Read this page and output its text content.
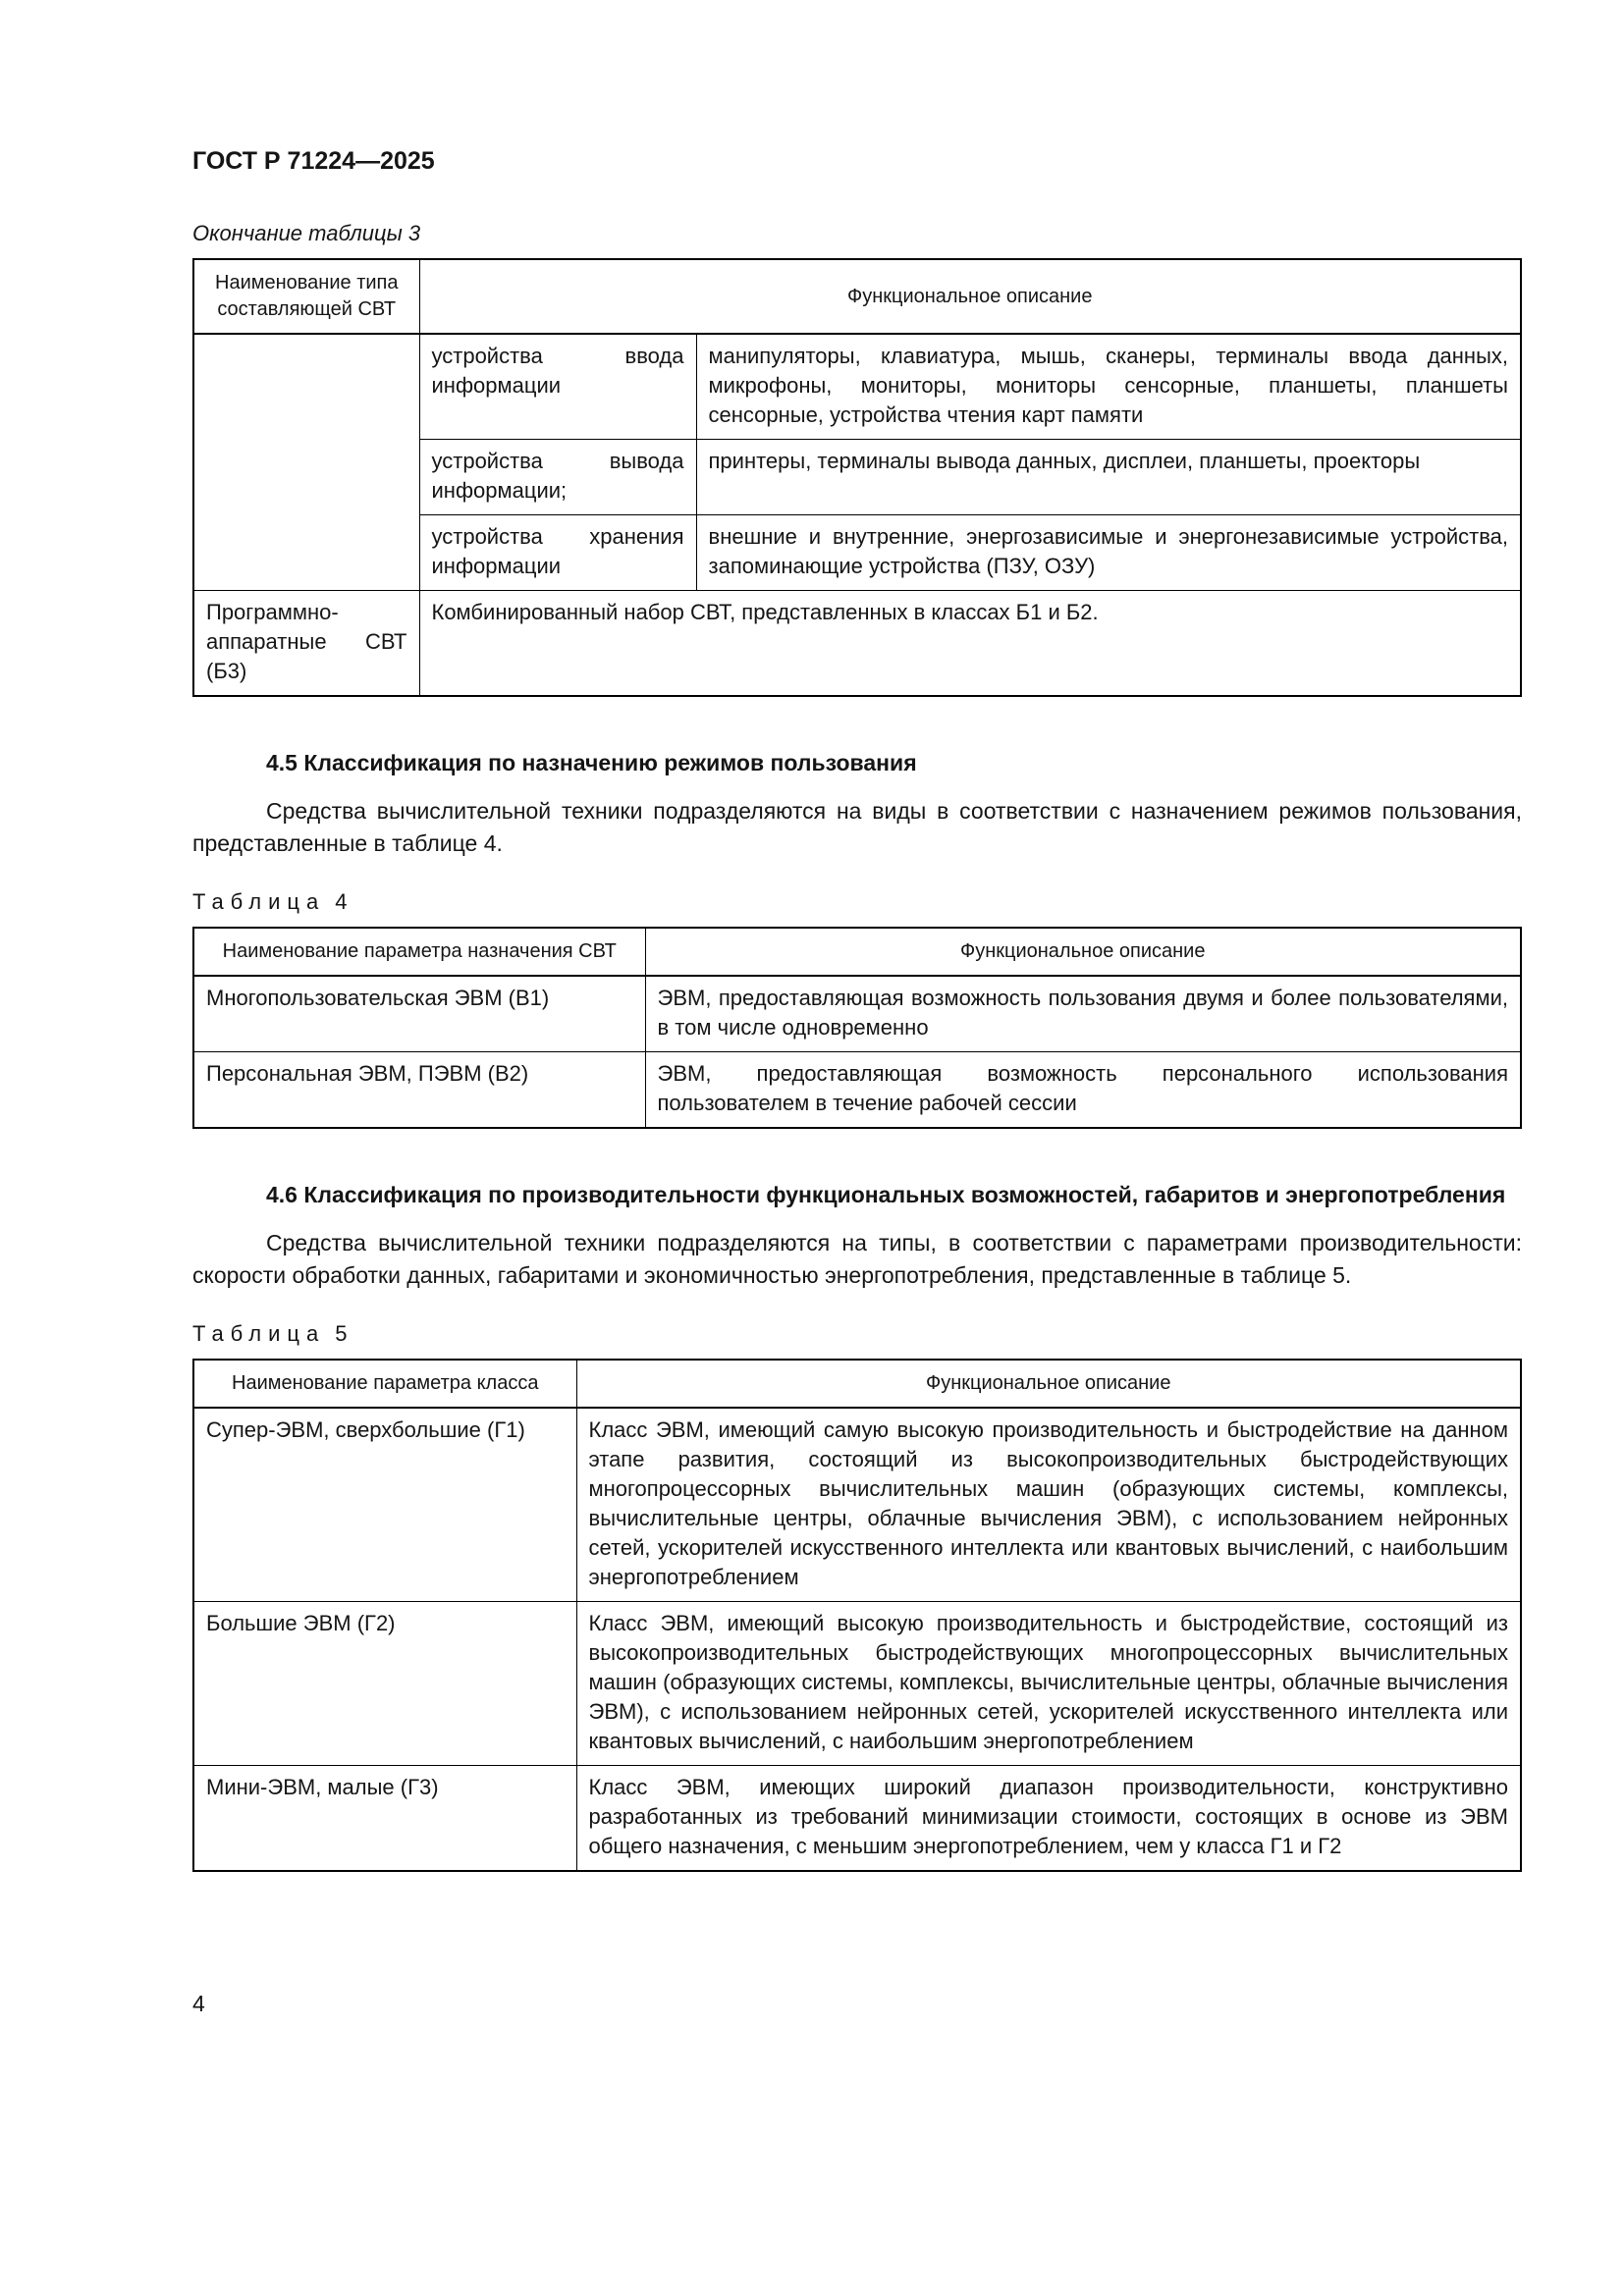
ГОСТ Р 71224—2025
Окончание таблицы 3
Наименование типа составляющей СВТ	Функциональное описание	
	устройства ввода информации	манипуляторы, клавиатура, мышь, сканеры, терминалы ввода данных, микрофоны, мониторы, мониторы сенсорные, планшеты, планшеты сенсорные, устройства чтения карт памяти
	устройства вывода информации;	принтеры, терминалы вывода данных, дисплеи, планшеты, проекторы
	устройства хранения информации	внешние и внутренние, энергозависимые и энергонезависимые устройства, запоминающие устройства (ПЗУ, ОЗУ)
Программно-аппаратные СВТ (Б3)	Комбинированный набор СВТ, представленных в классах Б1 и Б2.	
4.5 Классификация по назначению режимов пользования

Средства вычислительной техники подразделяются на виды в соответствии с назначением режимов пользования, представленные в таблице 4.

Таблица 4
Наименование параметра назначения СВТ	Функциональное описание
Многопользовательская ЭВМ (В1)	ЭВМ, предоставляющая возможность пользования двумя и более пользователями, в том числе одновременно
Персональная ЭВМ, ПЭВМ (В2)	ЭВМ, предоставляющая возможность персонального использования пользователем в течение рабочей сессии
4.6 Классификация по производительности функциональных возможностей, габаритов и энергопотребления

Средства вычислительной техники подразделяются на типы, в соответствии с параметрами производительности: скорости обработки данных, габаритами и экономичностью энергопотребления, представленные в таблице 5.

Таблица 5
Наименование параметра класса	Функциональное описание
Супер-ЭВМ, сверхбольшие (Г1)	Класс ЭВМ, имеющий самую высокую производительность и быстродействие на данном этапе развития, состоящий из высокопроизводительных быстродействующих многопроцессорных вычислительных машин (образующих системы, комплексы, вычислительные центры, облачные вычисления ЭВМ), с использованием нейронных сетей, ускорителей искусственного интеллекта или квантовых вычислений, с наибольшим энергопотреблением
Большие ЭВМ (Г2)	Класс ЭВМ, имеющий высокую производительность и быстродействие, состоящий из высокопроизводительных быстродействующих многопроцессорных вычислительных машин (образующих системы, комплексы, вычислительные центры, облачные вычисления ЭВМ), с использованием нейронных сетей, ускорителей искусственного интеллекта или квантовых вычислений, с наибольшим энергопотреблением
Мини-ЭВМ, малые (Г3)	Класс ЭВМ, имеющих широкий диапазон производительности, конструктивно разработанных из требований минимизации стоимости, состоящих в основе из ЭВМ общего назначения, с меньшим энергопотреблением, чем у класса Г1 и Г2
4
